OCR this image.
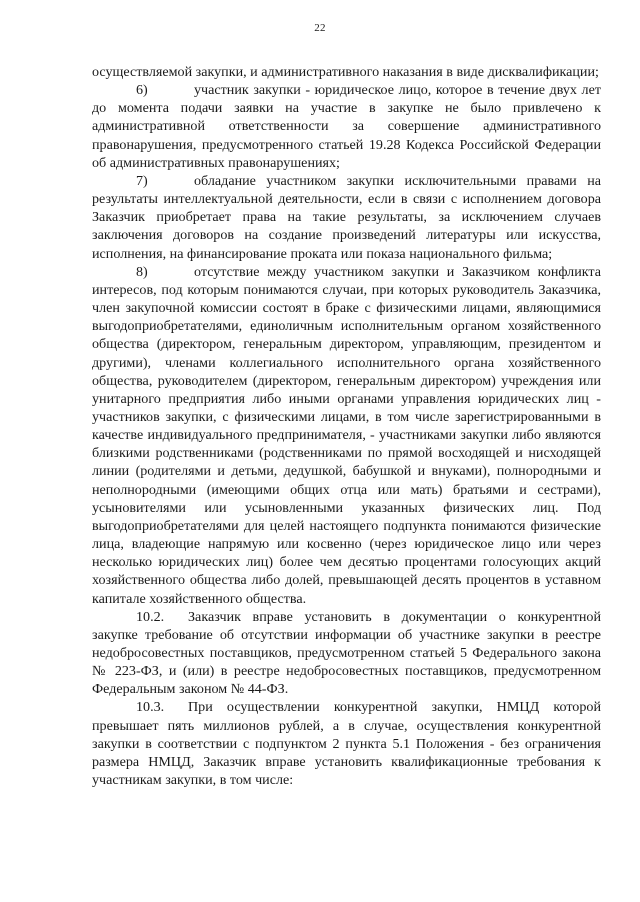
22

осуществляемой закупки, и административного наказания в виде дисквалификации;

6)	участник закупки - юридическое лицо, которое в течение двух лет до момента подачи заявки на участие в закупке не было привлечено к административной ответственности за совершение административного правонарушения, предусмотренного статьей 19.28 Кодекса Российской Федерации об административных правонарушениях;

7)	обладание участником закупки исключительными правами на результаты интеллектуальной деятельности, если в связи с исполнением договора Заказчик приобретает права на такие результаты, за исключением случаев заключения договоров на создание произведений литературы или искусства, исполнения, на финансирование проката или показа национального фильма;

8)	отсутствие между участником закупки и Заказчиком конфликта интересов, под которым понимаются случаи, при которых руководитель Заказчика, член закупочной комиссии состоят в браке с физическими лицами, являющимися выгодоприобретателями, единоличным исполнительным органом хозяйственного общества (директором, генеральным директором, управляющим, президентом и другими), членами коллегиального исполнительного органа хозяйственного общества, руководителем (директором, генеральным директором) учреждения или унитарного предприятия либо иными органами управления юридических лиц - участников закупки, с физическими лицами, в том числе зарегистрированными в качестве индивидуального предпринимателя, - участниками закупки либо являются близкими родственниками (родственниками по прямой восходящей и нисходящей линии (родителями и детьми, дедушкой, бабушкой и внуками), полнородными и неполнородными (имеющими общих отца или мать) братьями и сестрами), усыновителями или усыновленными указанных физических лиц. Под выгодоприобретателями для целей настоящего подпункта понимаются физические лица, владеющие напрямую или косвенно (через юридическое лицо или через несколько юридических лиц) более чем десятью процентами голосующих акций хозяйственного общества либо долей, превышающей десять процентов в уставном капитале хозяйственного общества.

10.2. Заказчик вправе установить в документации о конкурентной закупке требование об отсутствии информации об участнике закупки в реестре недобросовестных поставщиков, предусмотренном статьей 5 Федерального закона № 223-ФЗ, и (или) в реестре недобросовестных поставщиков, предусмотренном Федеральным законом № 44-ФЗ.

10.3. При осуществлении конкурентной закупки, НМЦД которой превышает пять миллионов рублей, а в случае, осуществления конкурентной закупки в соответствии с подпунктом 2 пункта 5.1 Положения - без ограничения размера НМЦД, Заказчик вправе установить квалификационные требования к участникам закупки, в том числе:
